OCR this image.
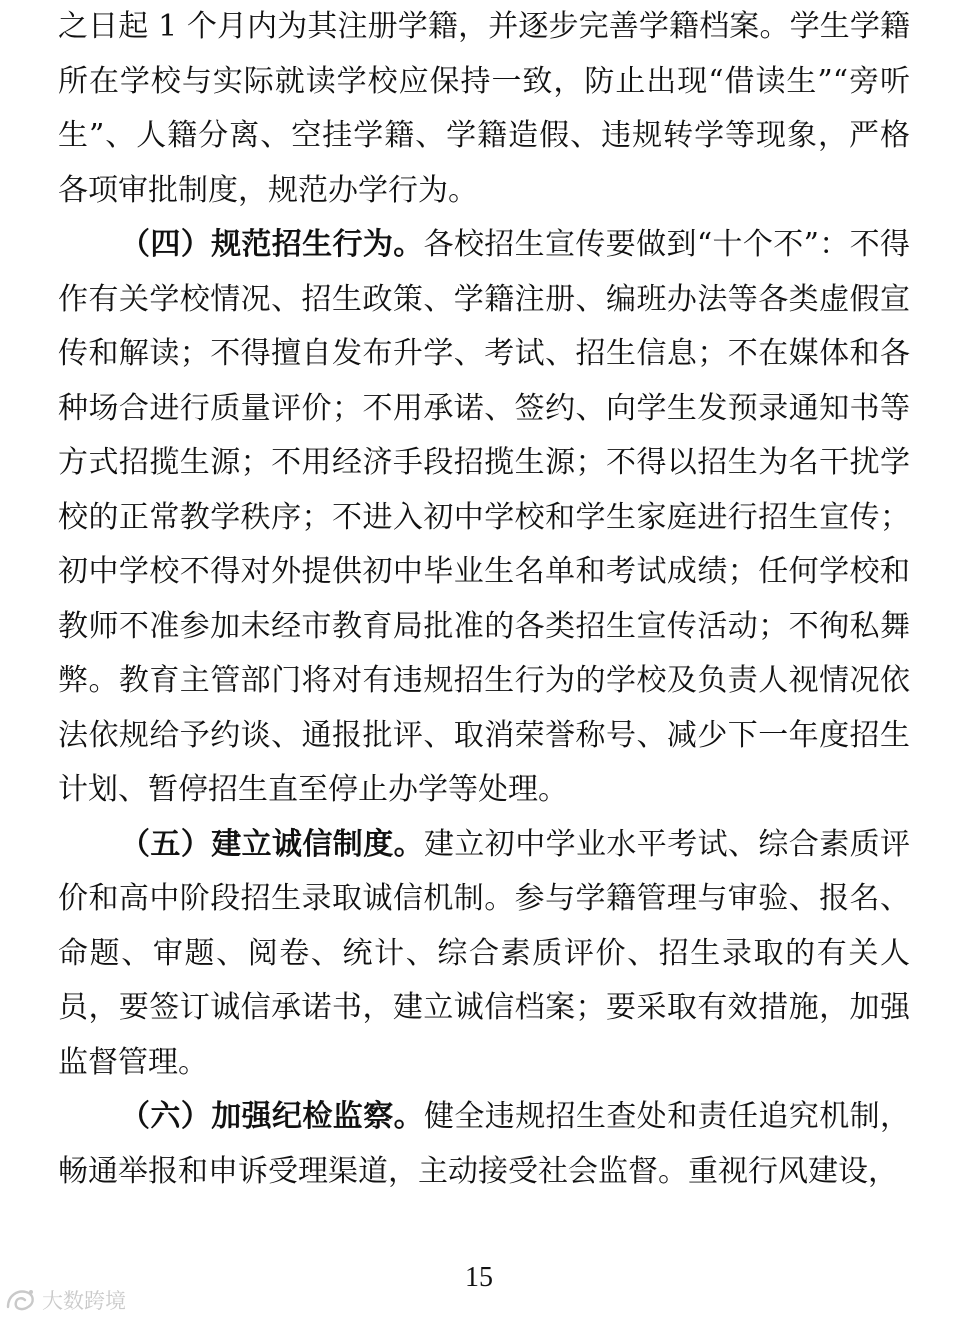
之日起 1 个月内为其注册学籍，并逐步完善学籍档案。学生学籍所在学校与实际就读学校应保持一致，防止出现“借读生”“旁听生”、人籍分离、空挂学籍、学籍造假、违规转学等现象，严格各项审批制度，规范办学行为。

（四）规范招生行为。各校招生宣传要做到“十个不”：不得作有关学校情况、招生政策、学籍注册、编班办法等各类虚假宣传和解读；不得擅自发布升学、考试、招生信息；不在媒体和各种场合进行质量评价；不用承诺、签约、向学生发预录通知书等方式招揽生源；不用经济手段招揽生源；不得以招生为名干扰学校的正常教学秩序；不进入初中学校和学生家庭进行招生宣传；初中学校不得对外提供初中毕业生名单和考试成绩；任何学校和教师不准参加未经市教育局批准的各类招生宣传活动；不徇私舞弊。教育主管部门将对有违规招生行为的学校及负责人视情况依法依规给予约谈、通报批评、取消荣誉称号、减少下一年度招生计划、暂停招生直至停止办学等处理。

（五）建立诚信制度。建立初中学业水平考试、综合素质评价和高中阶段招生录取诚信机制。参与学籍管理与审验、报名、命题、审题、阅卷、统计、综合素质评价、招生录取的有关人员，要签订诚信承诺书，建立诚信档案；要采取有效措施，加强监督管理。

（六）加强纪检监察。健全违规招生查处和责任追究机制，畅通举报和申诉受理渠道，主动接受社会监督。重视行风建设，

15
大数跨境
